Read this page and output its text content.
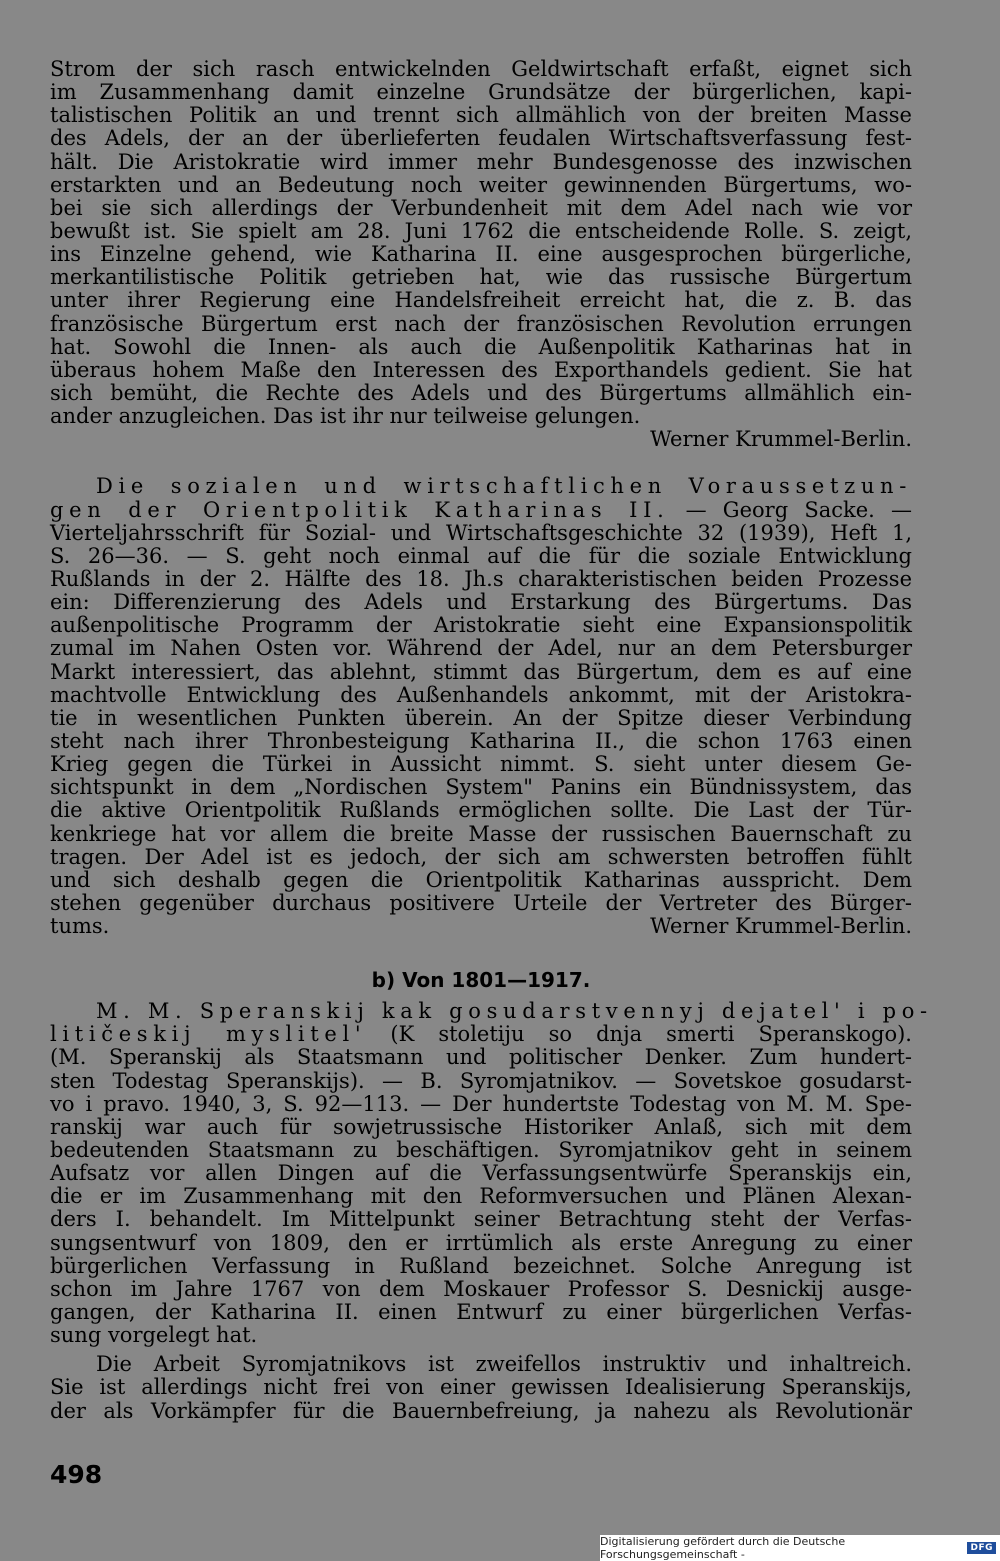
Strom der sich rasch entwickelnden Geldwirtschaft erfaßt, eignet sich
im Zusammenhang damit einzelne Grundsätze der bürgerlichen, kapi-
talistischen Politik an und trennt sich allmählich von der breiten Masse
des Adels, der an der überlieferten feudalen Wirtschaftsverfassung fest-
hält. Die Aristokratie wird immer mehr Bundesgenosse des inzwischen
erstarkten und an Bedeutung noch weiter gewinnenden Bürgertums, wo-
bei sie sich allerdings der Verbundenheit mit dem Adel nach wie vor
bewußt ist. Sie spielt am 28. Juni 1762 die entscheidende Rolle. S. zeigt,
ins Einzelne gehend, wie Katharina II. eine ausgesprochen bürgerliche,
merkantilistische Politik getrieben hat, wie das russische Bürgertum
unter ihrer Regierung eine Handelsfreiheit erreicht hat, die z. B. das
französische Bürgertum erst nach der französischen Revolution errungen
hat. Sowohl die Innen- als auch die Außenpolitik Katharinas hat in
überaus hohem Maße den Interessen des Exporthandels gedient. Sie hat
sich bemüht, die Rechte des Adels und des Bürgertums allmählich ein-
ander anzugleichen. Das ist ihr nur teilweise gelungen.
Werner Krummel-Berlin.
Die sozialen und wirtschaftlichen Voraussetzun-
gen der Orientpolitik Katharinas II. — Georg Sacke. —
Vierteljahrsschrift für Sozial- und Wirtschaftsgeschichte 32 (1939), Heft 1,
S. 26—36. — S. geht noch einmal auf die für die soziale Entwicklung
Rußlands in der 2. Hälfte des 18. Jh.s charakteristischen beiden Prozesse
ein: Differenzierung des Adels und Erstarkung des Bürgertums. Das
außenpolitische Programm der Aristokratie sieht eine Expansionspolitik
zumal im Nahen Osten vor. Während der Adel, nur an dem Petersburger
Markt interessiert, das ablehnt, stimmt das Bürgertum, dem es auf eine
machtvolle Entwicklung des Außenhandels ankommt, mit der Aristokra-
tie in wesentlichen Punkten überein. An der Spitze dieser Verbindung
steht nach ihrer Thronbesteigung Katharina II., die schon 1763 einen
Krieg gegen die Türkei in Aussicht nimmt. S. sieht unter diesem Ge-
sichtspunkt in dem „Nordischen System" Panins ein Bündnissystem, das
die aktive Orientpolitik Rußlands ermöglichen sollte. Die Last der Tür-
kenkriege hat vor allem die breite Masse der russischen Bauernschaft zu
tragen. Der Adel ist es jedoch, der sich am schwersten betroffen fühlt
und sich deshalb gegen die Orientpolitik Katharinas ausspricht. Dem
stehen gegenüber durchaus positivere Urteile der Vertreter des Bürger-
tums.	Werner Krummel-Berlin.
b) Von 1801—1917.
M. M. Speranskij kak gosudarstvennyj dejatel' i po-
litičeskij myslitel' (K stoletiju so dnja smerti Speranskogo).
(M. Speranskij als Staatsmann und politischer Denker. Zum hundert-
sten Todestag Speranskijs). — B. Syromjatnikov. — Sovetskoe gosudarst-
vo i pravo. 1940, 3, S. 92—113. — Der hundertste Todestag von M. M. Spe-
ranskij war auch für sowjetrussische Historiker Anlaß, sich mit dem
bedeutenden Staatsmann zu beschäftigen. Syromjatnikov geht in seinem
Aufsatz vor allen Dingen auf die Verfassungsentwürfe Speranskijs ein,
die er im Zusammenhang mit den Reformversuchen und Plänen Alexan-
ders I. behandelt. Im Mittelpunkt seiner Betrachtung steht der Verfas-
sungsentwurf von 1809, den er irrtümlich als erste Anregung zu einer
bürgerlichen Verfassung in Rußland bezeichnet. Solche Anregung ist
schon im Jahre 1767 von dem Moskauer Professor S. Desnickij ausge-
gangen, der Katharina II. einen Entwurf zu einer bürgerlichen Verfas-
sung vorgelegt hat.
Die Arbeit Syromjatnikovs ist zweifellos instruktiv und inhaltreich.
Sie ist allerdings nicht frei von einer gewissen Idealisierung Speranskijs,
der als Vorkämpfer für die Bauernbefreiung, ja nahezu als Revolutionär
498
Digitalisierung gefördert durch die Deutsche Forschungsgemeinschaft -	DFG
